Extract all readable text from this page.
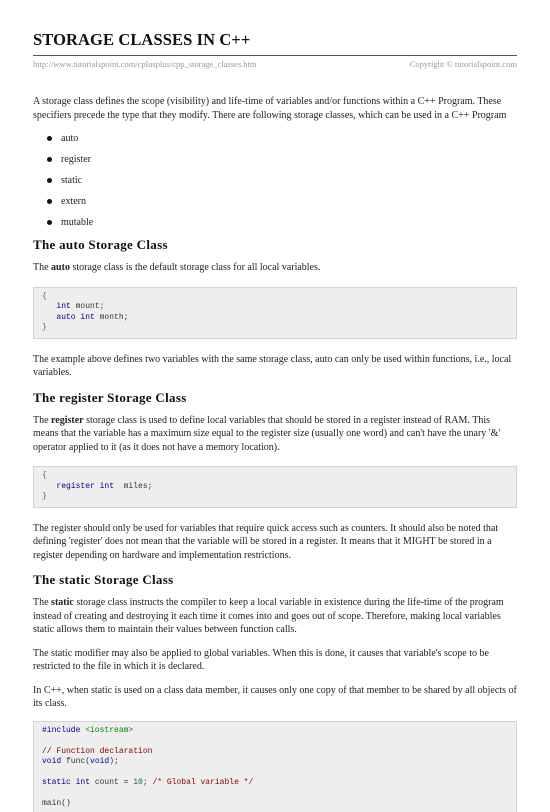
STORAGE CLASSES IN C++
http://www.tutorialspoint.com/cplusplus/cpp_storage_classes.htm	Copyright © tutorialspoint.com

A storage class defines the scope (visibility) and life-time of variables and/or functions within a C++ Program. These specifiers precede the type that they modify. There are following storage classes, which can be used in a C++ Program

auto
register
static
extern
mutable
The auto Storage Class

The auto storage class is the default storage class for all local variables.

{
int mount;
auto int month;
}

The example above defines two variables with the same storage class, auto can only be used within functions, i.e., local variables.

The register Storage Class

The register storage class is used to define local variables that should be stored in a register instead of RAM. This means that the variable has a maximum size equal to the register size (usually one word) and can't have the unary '&' operator applied to it (as it does not have a memory location).

{
register int  miles;
}

The register should only be used for variables that require quick access such as counters. It should also be noted that defining 'register' does not mean that the variable will be stored in a register. It means that it MIGHT be stored in a register depending on hardware and implementation restrictions.

The static Storage Class

The static storage class instructs the compiler to keep a local variable in existence during the life-time of the program instead of creating and destroying it each time it comes into and goes out of scope. Therefore, making local variables static allows them to maintain their values between function calls.

The static modifier may also be applied to global variables. When this is done, it causes that variable's scope to be restricted to the file in which it is declared.

In C++, when static is used on a class data member, it causes only one copy of that member to be shared by all objects of its class.

#include <iostream>

// Function declaration
void func(void);

static int count = 10; /* Global variable */

main()
